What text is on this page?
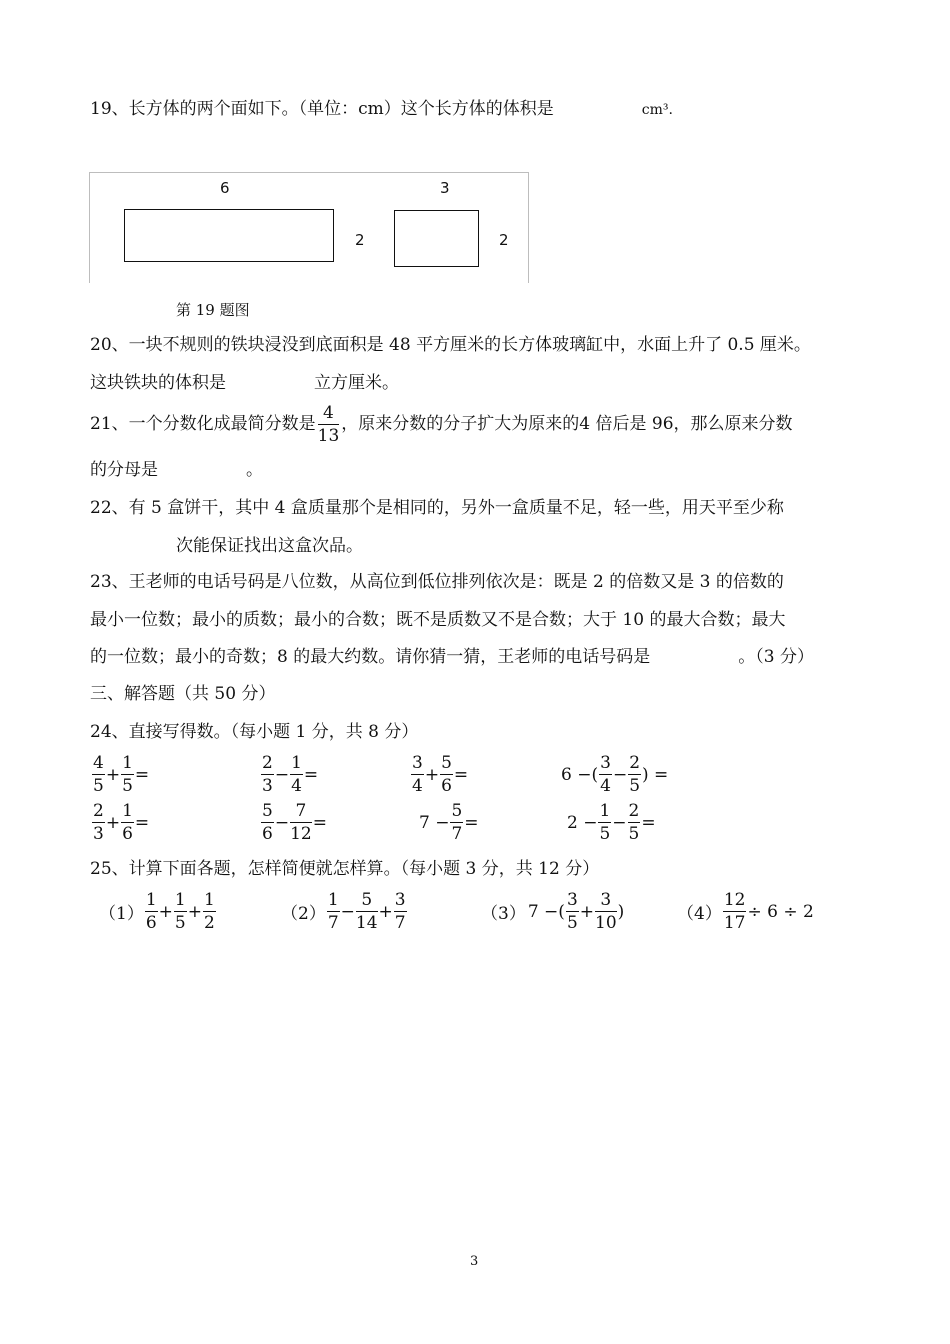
19、长方体的两个面如下。（单位：cm）这个长方体的体积是	cm³.
6
2
3
2
第 19 题图
20、一块不规则的铁块浸没到底面积是 48 平方厘米的长方体玻璃缸中，水面上升了 0.5 厘米。
这块铁块的体积是	立方厘米。
21、一个分数化成最简分数是 $\frac{4}{13}$ ，原来分数的分子扩大为原来的4 倍后是 96，那么原来分数
的分母是	。
22、有 5 盒饼干，其中 4 盒质量那个是相同的，另外一盒质量不足，轻一些，用天平至少称
次能保证找出这盒次品。
23、王老师的电话号码是八位数，从高位到低位排列依次是：既是 2 的倍数又是 3 的倍数的
最小一位数；最小的质数；最小的合数；既不是质数又不是合数；大于 10 的最大合数；最大
的一位数；最小的奇数；8 的最大约数。请你猜一猜，王老师的电话号码是	。（3 分）
三、解答题（共 50 分）
24、直接写得数。（每小题 1 分，共 8 分）
$\frac{4}{5} + \frac{1}{5}$ =	$\frac{2}{3} - \frac{1}{4}$ =	$\frac{3}{4} + \frac{5}{6}$ =	6 −( $\frac{3}{4} - \frac{2}{5}$ ) =
$\frac{2}{3} + \frac{1}{6}$ =	$\frac{5}{6} - \frac{7}{12}$ =	$7 - \frac{5}{7}$ =	$2 - \frac{1}{5} - \frac{2}{5}$ =
25、计算下面各题，怎样简便就怎样算。（每小题 3 分，共 12 分）
$(1) \frac{1}{6} + \frac{1}{5} + \frac{1}{2}$	$(2) \frac{1}{7} - \frac{5}{14} + \frac{3}{7}$	（3） 7 −( $\frac{3}{5} + \frac{3}{10}$ )	$(4) \frac{12}{17} \div 6 \div 2$
3
